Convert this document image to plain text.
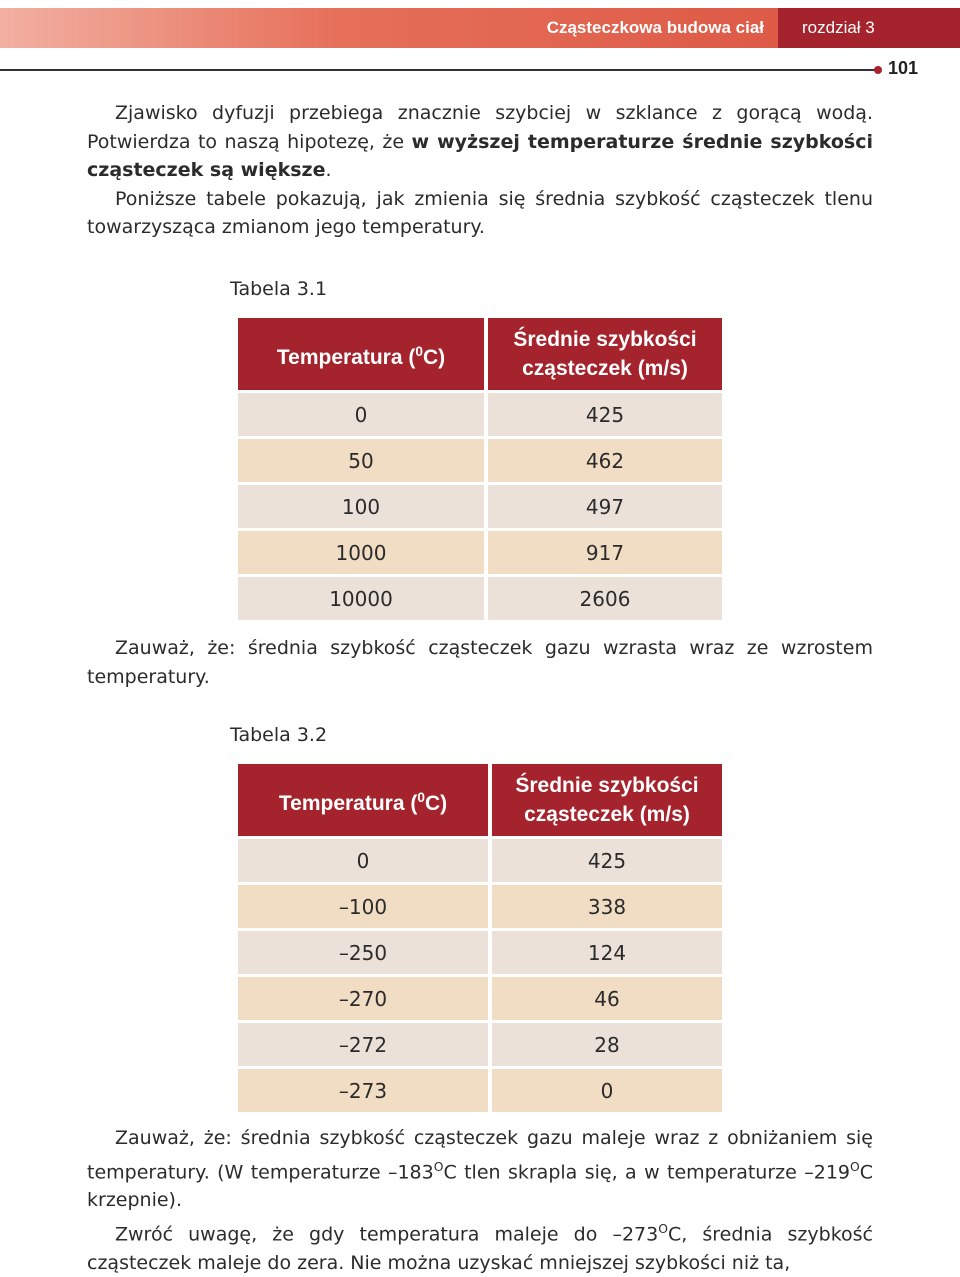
Cząsteczkowa budowa ciał	rozdział 3
101

Zjawisko dyfuzji przebiega znacznie szybciej w szklance z gorącą wodą. Potwierdza to naszą hipotezę, że w wyższej temperaturze średnie szybkości cząsteczek są większe.

Poniższe tabele pokazują, jak zmienia się średnia szybkość cząsteczek tlenu towarzysząca zmianom jego temperatury.

Tabela 3.1
Temperatura ($^0$C)	Średnie szybkości cząsteczek (m/s)
0	425
50	462
100	497
1000	917
10000	2606
Zauważ, że: średnia szybkość cząsteczek gazu wzrasta wraz ze wzrostem temperatury.
Tabela 3.2
Temperatura ($^0$C)	Średnie szybkości cząsteczek (m/s)
0	425
–100	338
–250	124
–270	46
–272	28
–273	0

Zauważ, że: średnia szybkość cząsteczek gazu maleje wraz z obniżaniem się temperatury. (W temperaturze $-183^OC$ tlen skrapla się, a w temperaturze $-219^OC$ krzepnie).

Zwróć uwagę, że gdy temperatura maleje do $-273^OC$, średnia szybkość cząsteczek maleje do zera. Nie można uzyskać mniejszej szybkości niż ta,
